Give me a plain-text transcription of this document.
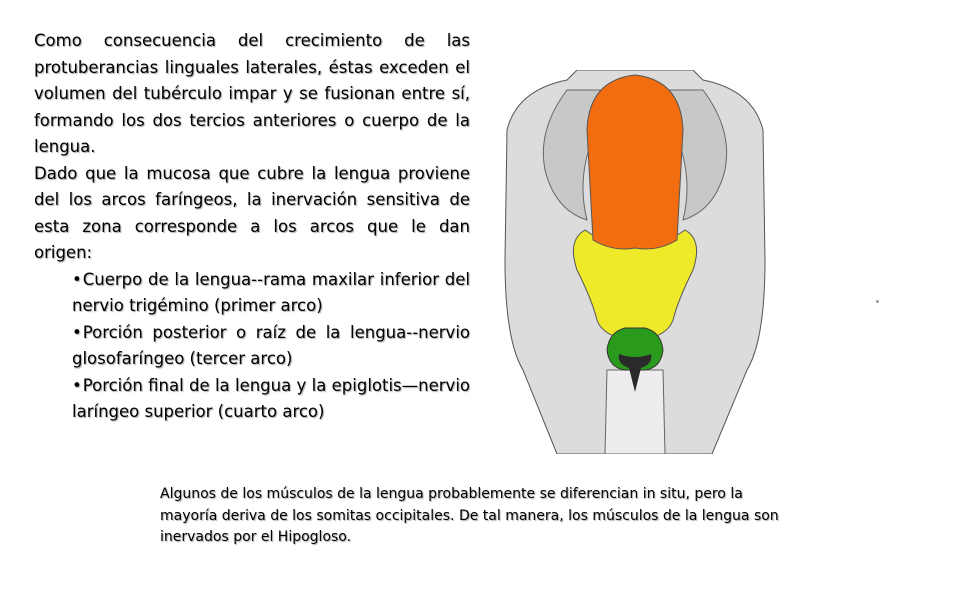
Como consecuencia del crecimiento de las protuberancias linguales laterales, éstas exceden el volumen del tubérculo impar y se fusionan entre sí, formando los dos tercios anteriores o cuerpo de la lengua.

Dado que la mucosa que cubre la lengua proviene del los arcos faríngeos, la inervación sensitiva de esta zona corresponde a los arcos que le dan origen:

•Cuerpo de la lengua--rama maxilar inferior del nervio trigémino (primer arco)
•Porción posterior o raíz de la lengua--nervio glosofaríngeo (tercer arco)
•Porción final de la lengua y la epiglotis—nervio laríngeo superior (cuarto arco)
Algunos de los músculos de la lengua probablemente se diferencian in situ, pero la mayoría deriva de los somitas occipitales. De tal manera, los músculos de la lengua son inervados por el Hipogloso.
